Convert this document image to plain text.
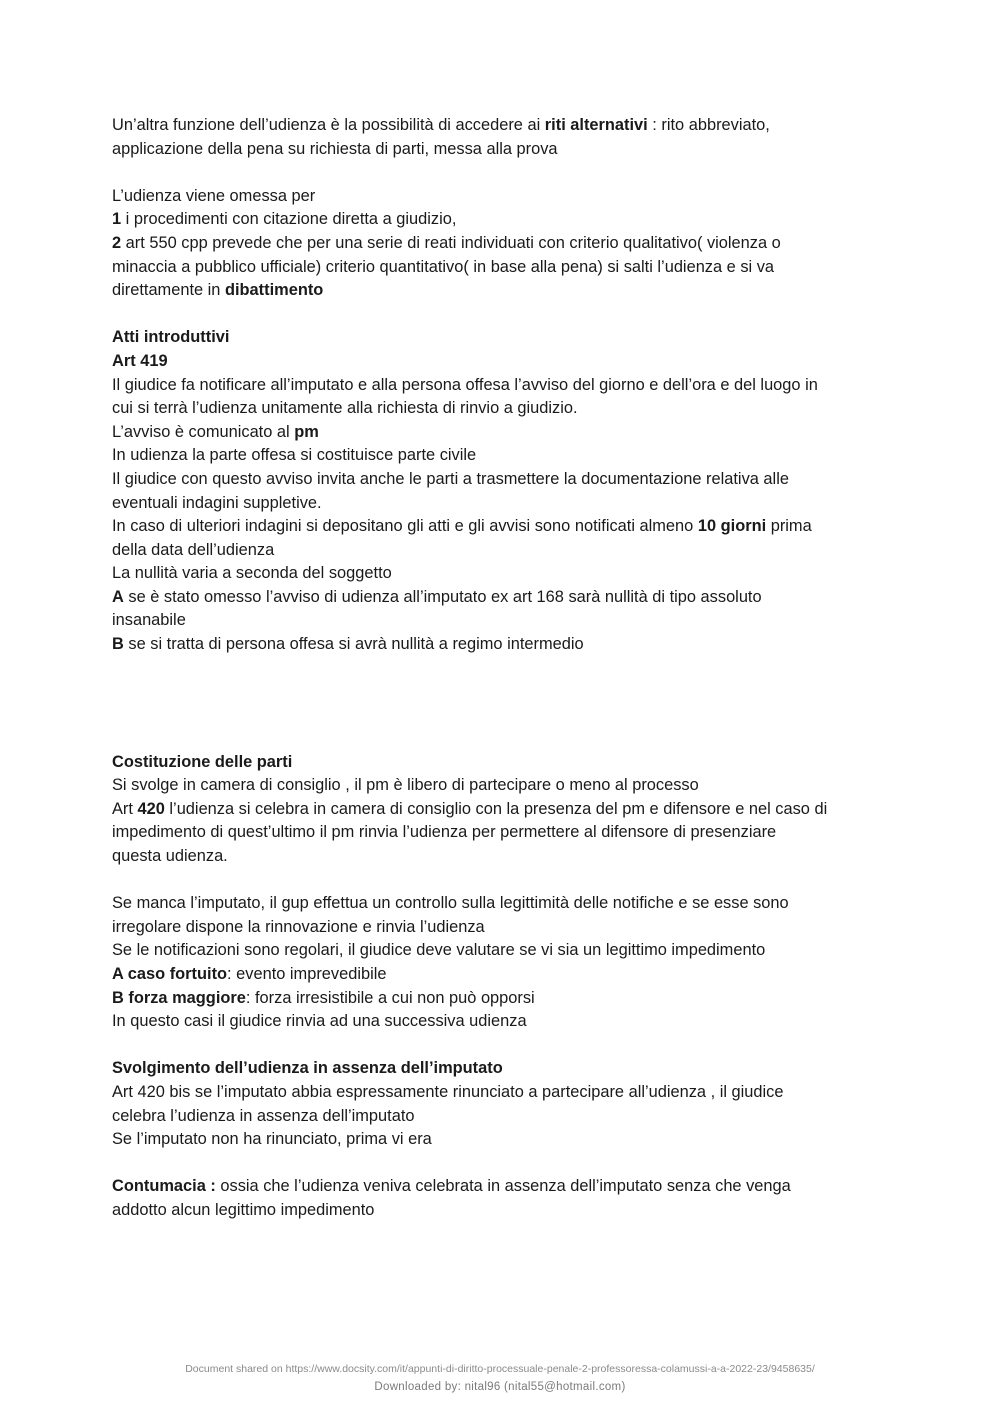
Un’altra funzione dell’udienza è la possibilità di accedere ai riti alternativi : rito abbreviato,

applicazione della pena su richiesta di parti, messa alla prova

L’udienza viene omessa per

1 i procedimenti con citazione diretta a giudizio,

2 art 550 cpp prevede che per una serie di reati individuati con criterio qualitativo( violenza o

minaccia a pubblico ufficiale) criterio quantitativo( in base alla pena) si salti l’udienza e si va

direttamente in dibattimento

Atti introduttivi

Art 419

Il giudice fa notificare all’imputato e alla persona offesa l’avviso del giorno e dell’ora e del luogo in

cui si terrà l’udienza unitamente alla richiesta di rinvio a giudizio.

L’avviso è comunicato al pm

In udienza la parte offesa si costituisce parte civile

Il giudice con questo avviso invita anche le parti a trasmettere la documentazione relativa alle

eventuali indagini suppletive.

In caso di ulteriori indagini si depositano gli atti e gli avvisi sono notificati almeno 10 giorni prima

della data dell’udienza

La nullità varia a seconda del soggetto

A se è stato omesso l’avviso di udienza all’imputato ex art 168 sarà nullità di tipo assoluto

insanabile

B se si tratta di persona offesa si avrà nullità a regimo intermedio

Costituzione delle parti

Si svolge in camera di consiglio , il pm è libero di partecipare o meno al processo

Art 420 l’udienza si celebra in camera di consiglio con la presenza del pm e difensore e nel caso di

impedimento di quest’ultimo il pm rinvia l’udienza per permettere al difensore di presenziare

questa udienza.

Se manca l’imputato, il gup effettua un controllo sulla legittimità delle notifiche e se esse sono

irregolare dispone la rinnovazione e rinvia l’udienza

Se le notificazioni sono regolari, il giudice deve valutare se vi sia un legittimo impedimento

A caso fortuito: evento imprevedibile

B forza maggiore: forza irresistibile a cui non può opporsi

In questo casi il giudice rinvia ad una successiva udienza

Svolgimento dell’udienza in assenza dell’imputato

Art 420 bis se l’imputato abbia espressamente rinunciato a partecipare all’udienza , il giudice

celebra l’udienza in assenza dell’imputato

Se l’imputato non ha rinunciato, prima vi era

Contumacia : ossia che l’udienza veniva celebrata in assenza dell’imputato senza che venga

addotto alcun legittimo impedimento

Document shared on https://www.docsity.com/it/appunti-di-diritto-processuale-penale-2-professoressa-colamussi-a-a-2022-23/9458635/
Downloaded by: nital96 (nital55@hotmail.com)
